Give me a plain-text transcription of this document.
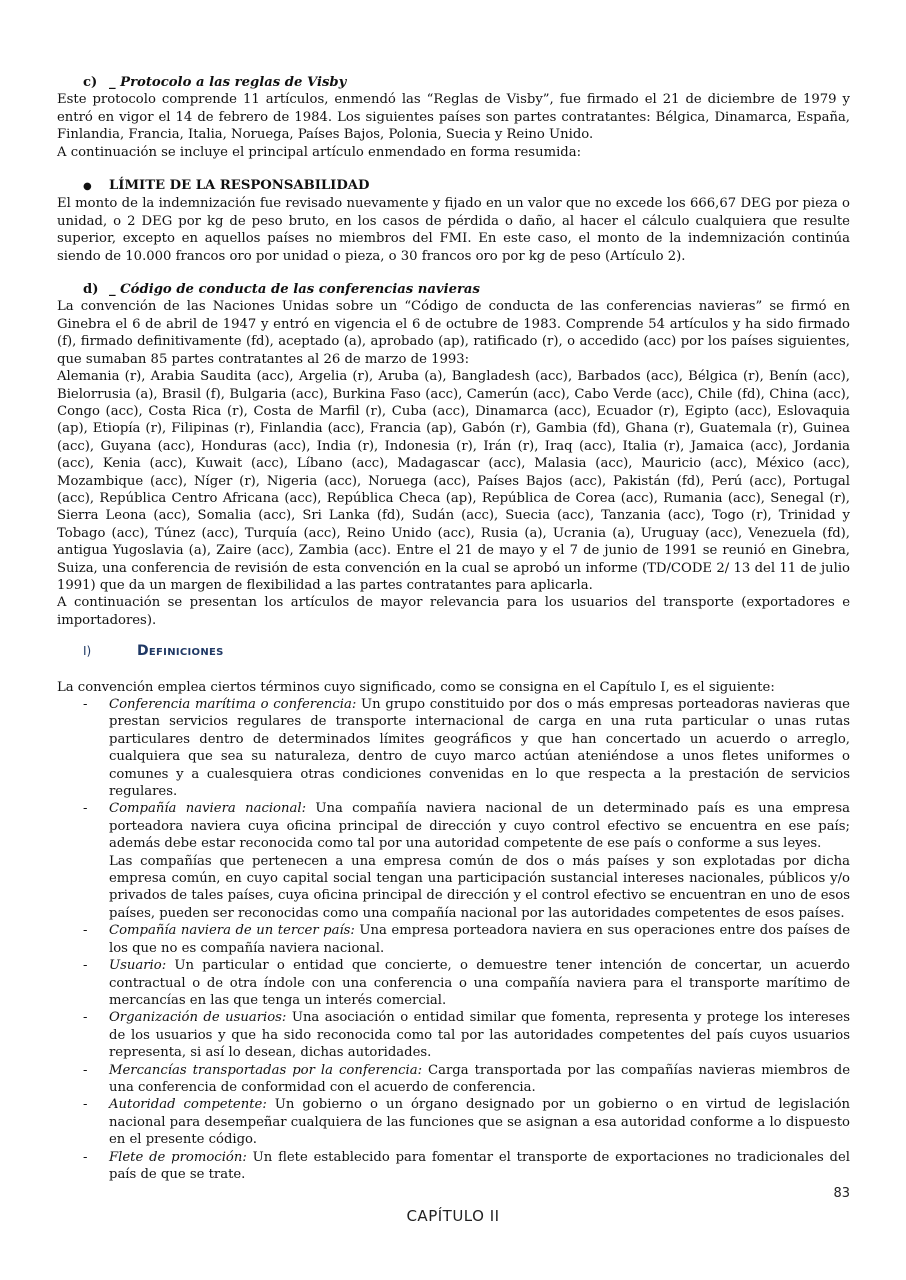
c) _ Protocolo a las reglas de Visby

Este protocolo comprende 11 artículos, enmendó las “Reglas de Visby”, fue firmado el 21 de diciembre de 1979 y entró en vigor el 14 de febrero de 1984. Los siguientes países son partes contratantes: Bélgica, Dinamarca, España, Finlandia, Francia, Italia, Noruega, Países Bajos, Polonia, Suecia y Reino Unido.

A continuación se incluye el principal artículo enmendado en forma resumida:

●	LÍMITE DE LA RESPONSABILIDAD

El monto de la indemnización fue revisado nuevamente y fijado en un valor que no excede los 666,67 DEG por pieza o unidad, o 2 DEG por kg de peso bruto, en los casos de pérdida o daño, al hacer el cálculo cualquiera que resulte superior, excepto en aquellos países no miembros del FMI. En este caso, el monto de la indemnización continúa siendo de 10.000 francos oro por unidad o pieza, o 30 francos oro por kg de peso (Artículo 2).

d) _ Código de conducta de las conferencias navieras

La convención de las Naciones Unidas sobre un “Código de conducta de las conferencias navieras” se firmó en Ginebra el 6 de abril de 1947 y entró en vigencia el 6 de octubre de 1983. Comprende 54 artículos y ha sido firmado (f), firmado definitivamente (fd), aceptado (a), aprobado (ap), ratificado (r), o accedido (acc) por los países siguientes, que sumaban 85 partes contratantes al 26 de marzo de 1993:

Alemania (r), Arabia Saudita (acc), Argelia (r), Aruba (a), Bangladesh (acc), Barbados (acc), Bélgica (r), Benín (acc), Bielorrusia (a), Brasil (f), Bulgaria (acc), Burkina Faso (acc), Camerún (acc), Cabo Verde (acc), Chile (fd), China (acc), Congo (acc), Costa Rica (r), Costa de Marfil (r), Cuba (acc), Dinamarca (acc), Ecuador (r), Egipto (acc), Eslovaquia (ap), Etiopía (r), Filipinas (r), Finlandia (acc), Francia (ap), Gabón (r), Gambia (fd), Ghana (r), Guatemala (r), Guinea (acc), Guyana (acc), Honduras (acc), India (r), Indonesia (r), Irán (r), Iraq (acc), Italia (r), Jamaica (acc), Jordania (acc), Kenia (acc), Kuwait (acc), Líbano (acc), Madagascar (acc), Malasia (acc), Mauricio (acc), México (acc), Mozambique (acc), Níger (r), Nigeria (acc), Noruega (acc), Países Bajos (acc), Pakistán (fd), Perú (acc), Portugal (acc), República Centro Africana (acc), República Checa (ap), República de Corea (acc), Rumania (acc), Senegal (r), Sierra Leona (acc), Somalia (acc), Sri Lanka (fd), Sudán (acc), Suecia (acc), Tanzania (acc), Togo (r), Trinidad y Tobago (acc), Túnez (acc), Turquía (acc), Reino Unido (acc), Rusia (a), Ucrania (a), Uruguay (acc), Venezuela (fd), antigua Yugoslavia (a), Zaire (acc), Zambia (acc). Entre el 21 de mayo y el 7 de junio de 1991 se reunió en Ginebra, Suiza, una conferencia de revisión de esta convención en la cual se aprobó un informe (TD/CODE 2/ 13 del 11 de julio 1991) que da un margen de flexibilidad a las partes contratantes para aplicarla.

A continuación se presentan los artículos de mayor relevancia para los usuarios del transporte (exportadores e importadores).

I)	Definiciones

La convención emplea ciertos términos cuyo significado, como se consigna en el Capítulo I, es el siguiente:

- Conferencia marítima o conferencia: Un grupo constituido por dos o más empresas porteadoras navieras que prestan servicios regulares de transporte internacional de carga en una ruta particular o unas rutas particulares dentro de determinados límites geográficos y que han concertado un acuerdo o arreglo, cualquiera que sea su naturaleza, dentro de cuyo marco actúan ateniéndose a unos fletes uniformes o comunes y a cualesquiera otras condiciones convenidas en lo que respecta a la prestación de servicios regulares.

- Compañía naviera nacional: Una compañía naviera nacional de un determinado país es una empresa porteadora naviera cuya oficina principal de dirección y cuyo control efectivo se encuentra en ese país; además debe estar reconocida como tal por una autoridad competente de ese país o conforme a sus leyes.

Las compañías que pertenecen a una empresa común de dos o más países y son explotadas por dicha empresa común, en cuyo capital social tengan una participación sustancial intereses nacionales, públicos y/o privados de tales países, cuya oficina principal de dirección y el control efectivo se encuentran en uno de esos países, pueden ser reconocidas como una compañía nacional por las autoridades competentes de esos países.

- Compañía naviera de un tercer país: Una empresa porteadora naviera en sus operaciones entre dos países de los que no es compañía naviera nacional.

- Usuario: Un particular o entidad que concierte, o demuestre tener intención de concertar, un acuerdo contractual o de otra índole con una conferencia o una compañía naviera para el transporte marítimo de mercancías en las que tenga un interés comercial.

- Organización de usuarios: Una asociación o entidad similar que fomenta, representa y protege los intereses de los usuarios y que ha sido reconocida como tal por las autoridades competentes del país cuyos usuarios representa, si así lo desean, dichas autoridades.

- Mercancías transportadas por la conferencia: Carga transportada por las compañías navieras miembros de una conferencia de conformidad con el acuerdo de conferencia.

- Autoridad competente: Un gobierno o un órgano designado por un gobierno o en virtud de legislación nacional para desempeñar cualquiera de las funciones que se asignan a esa autoridad conforme a lo dispuesto en el presente código.

- Flete de promoción: Un flete establecido para fomentar el transporte de exportaciones no tradicionales del país de que se trate.

83
CAPÍTULO II
